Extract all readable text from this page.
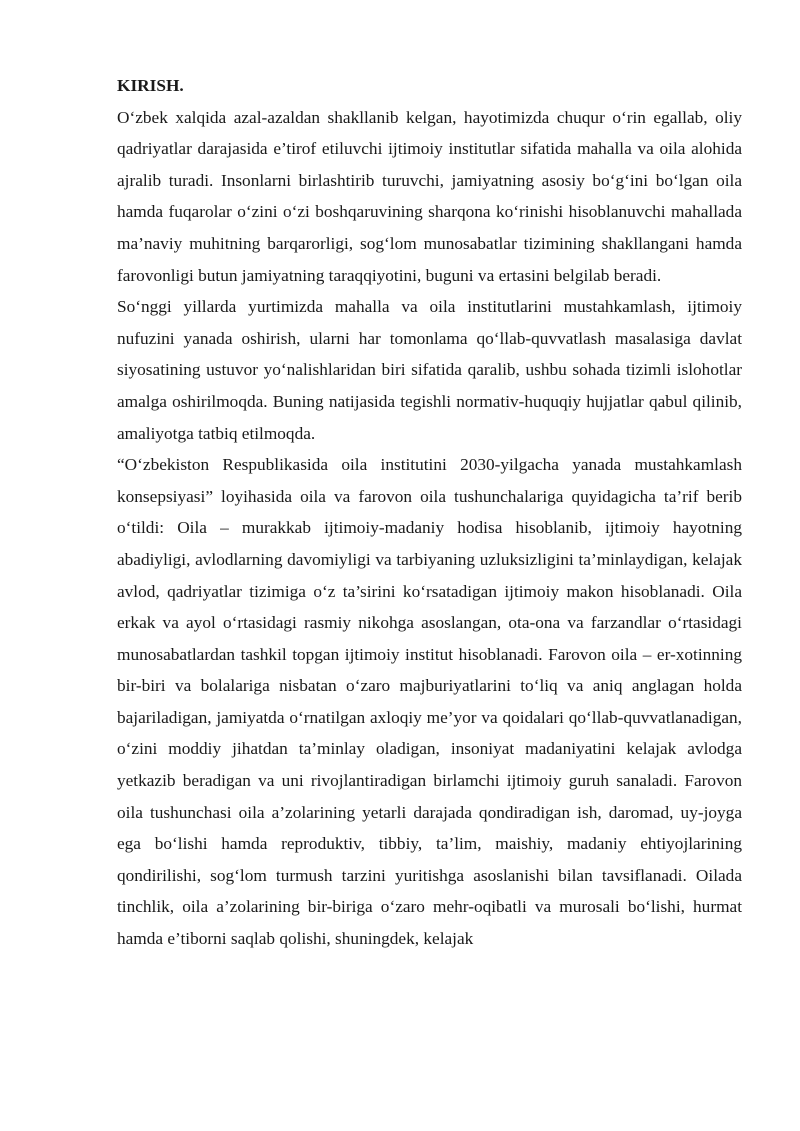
KIRISH.

O‘zbek xalqida azal-azaldan shakllanib kelgan, hayotimizda chuqur o‘rin egallab, oliy qadriyatlar darajasida e’tirof etiluvchi ijtimoiy institutlar sifatida mahalla va oila alohida ajralib turadi. Insonlarni birlashtirib turuvchi, jamiyatning asosiy bo‘g‘ini bo‘lgan oila hamda fuqarolar o‘zini o‘zi boshqaruvining sharqona ko‘rinishi hisoblanuvchi mahallada ma’naviy muhitning barqarorligi, sog‘lom munosabatlar tizimining shakllangani hamda farovonligi butun jamiyatning taraqqiyotini, buguni va ertasini belgilab beradi.

So‘nggi yillarda yurtimizda mahalla va oila institutlarini mustahkamlash, ijtimoiy nufuzini yanada oshirish, ularni har tomonlama qo‘llab-quvvatlash masalasiga davlat siyosatining ustuvor yo‘nalishlaridan biri sifatida qaralib, ushbu sohada tizimli islohotlar amalga oshirilmoqda. Buning natijasida tegishli normativ-huquqiy hujjatlar qabul qilinib, amaliyotga tatbiq etilmoqda.

“O‘zbekiston Respublikasida oila institutini 2030-yilgacha yanada mustahkamlash konsepsiyasi” loyihasida oila va farovon oila tushunchalariga quyidagicha ta’rif berib o‘tildi: Oila – murakkab ijtimoiy-madaniy hodisa hisoblanib, ijtimoiy hayotning abadiyligi, avlodlarning davomiyligi va tarbiyaning uzluksizligini ta’minlaydigan, kelajak avlod, qadriyatlar tizimiga o‘z ta’sirini ko‘rsatadigan ijtimoiy makon hisoblanadi. Oila erkak va ayol o‘rtasidagi rasmiy nikohga asoslangan, ota-ona va farzandlar o‘rtasidagi munosabatlardan tashkil topgan ijtimoiy institut hisoblanadi. Farovon oila – er-xotinning bir-biri va bolalariga nisbatan o‘zaro majburiyatlarini to‘liq va aniq anglagan holda bajariladigan, jamiyatda o‘rnatilgan axloqiy me’yor va qoidalari qo‘llab-quvvatlanadigan, o‘zini moddiy jihatdan ta’minlay oladigan, insoniyat madaniyatini kelajak avlodga yetkazib beradigan va uni rivojlantiradigan birlamchi ijtimoiy guruh sanaladi. Farovon oila tushunchasi oila a’zolarining yetarli darajada qondiradigan ish, daromad, uy-joyga ega bo‘lishi hamda reproduktiv, tibbiy, ta’lim, maishiy, madaniy ehtiyojlarining qondirilishi, sog‘lom turmush tarzini yuritishga asoslanishi bilan tavsiflanadi. Oilada tinchlik, oila a’zolarining bir-biriga o‘zaro mehr-oqibatli va murosali bo‘lishi, hurmat hamda e’tiborni saqlab qolishi, shuningdek, kelajak
